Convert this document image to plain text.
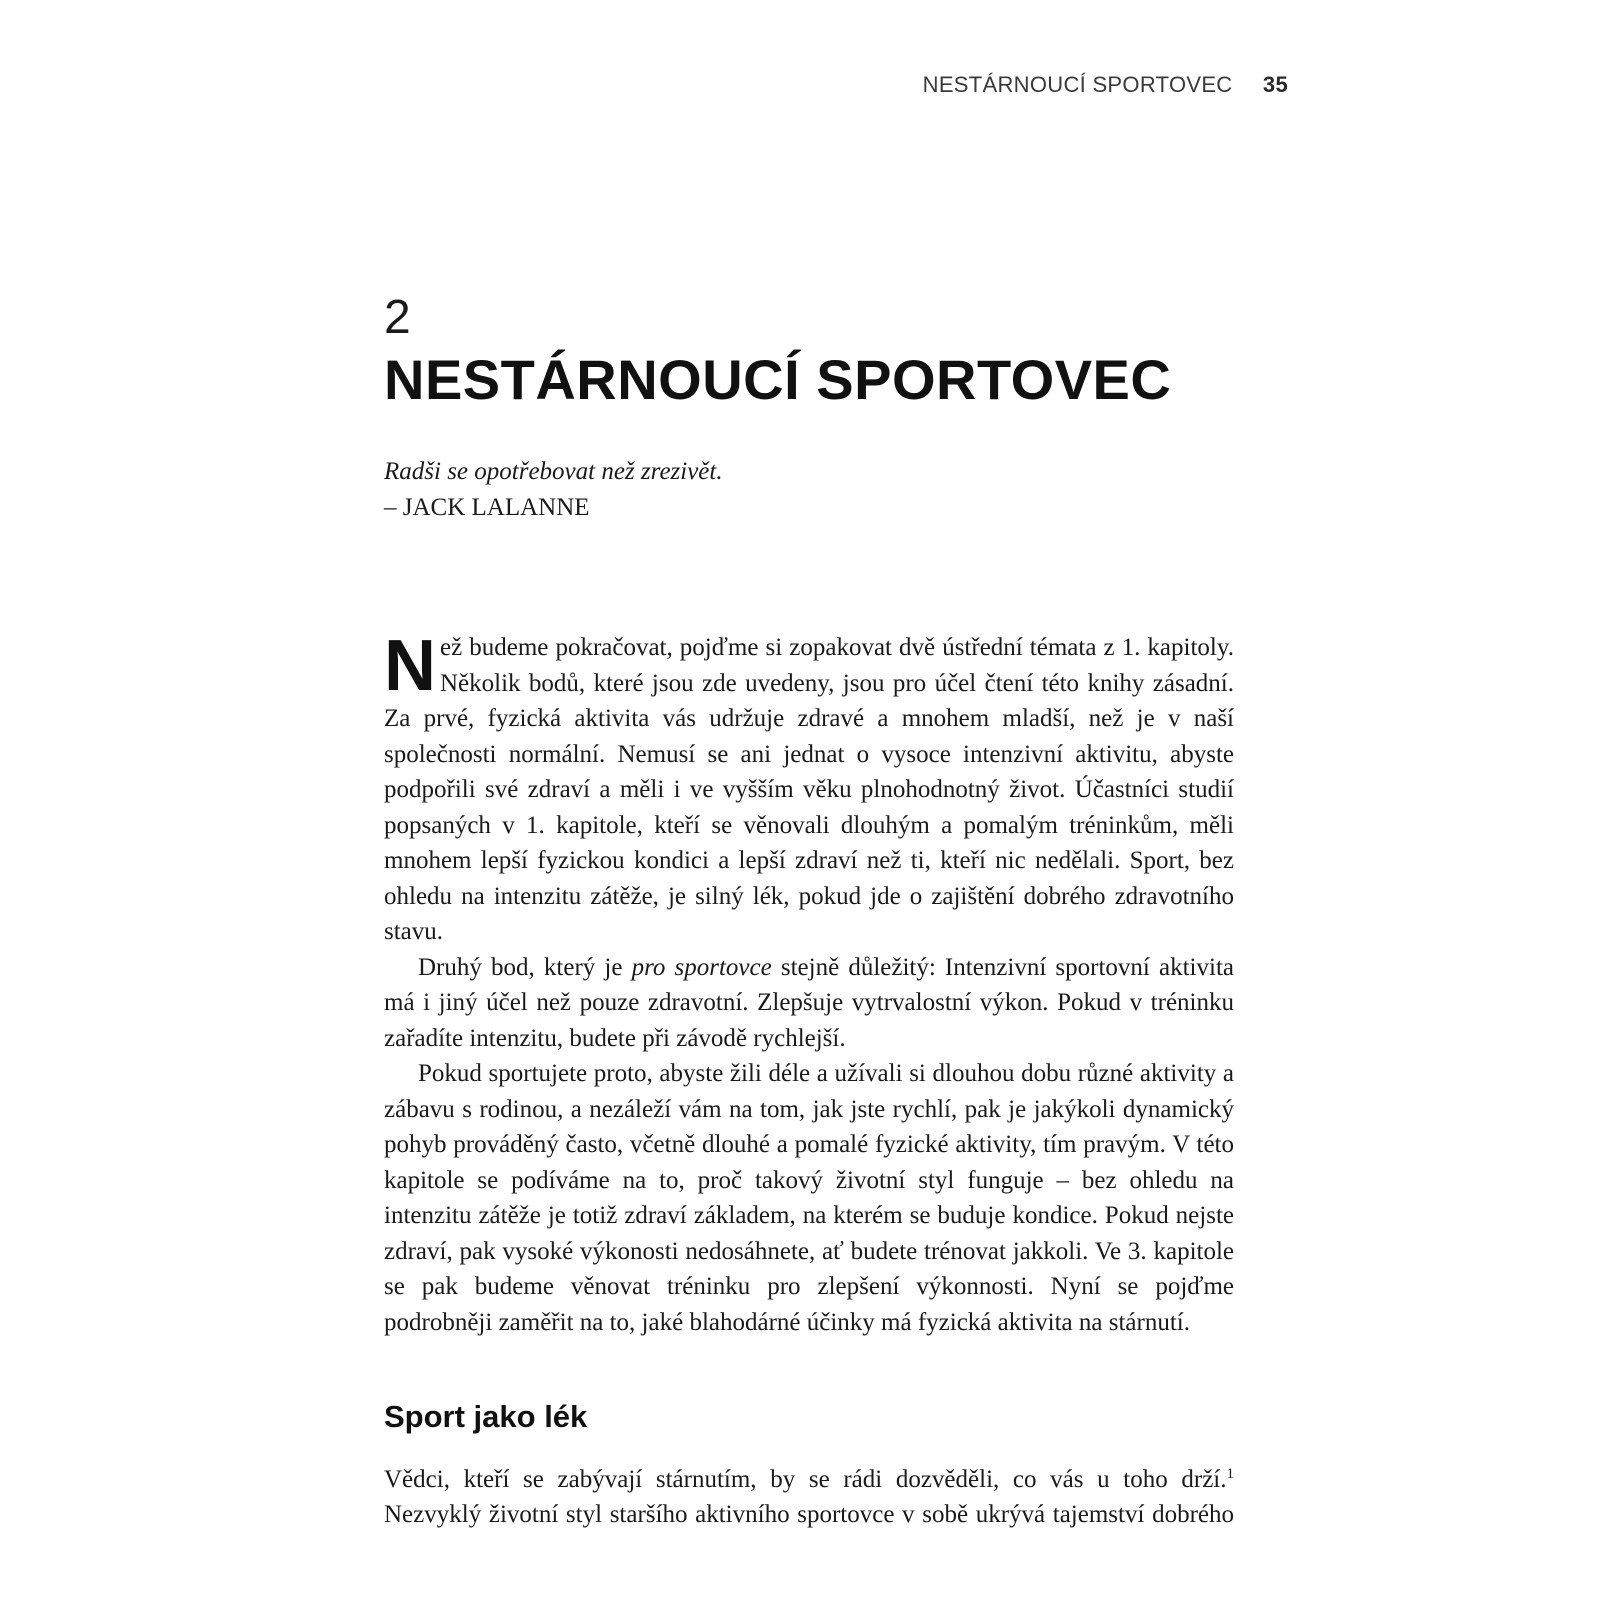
NESTÁRNOUCÍ SPORTOVEC 35
2
NESTÁRNOUCÍ SPORTOVEC
Radši se opotřebovat než zrezivět.
– JACK LALANNE

Než budeme pokračovat, pojďme si zopakovat dvě ústřední témata z 1. kapitoly. Několik bodů, které jsou zde uvedeny, jsou pro účel čtení této knihy zásadní. Za prvé, fyzická aktivita vás udržuje zdravé a mnohem mladší, než je v naší společnosti normální. Nemusí se ani jednat o vysoce intenzivní aktivitu, abyste podpořili své zdraví a měli i ve vyšším věku plnohodnotný život. Účastníci studií popsaných v 1. kapitole, kteří se věnovali dlouhým a pomalým tréninkům, měli mnohem lepší fyzickou kondici a lepší zdraví než ti, kteří nic nedělali. Sport, bez ohledu na intenzitu zátěže, je silný lék, pokud jde o zajištění dobrého zdravotního stavu.

Druhý bod, který je pro sportovce stejně důležitý: Intenzivní sportovní aktivita má i jiný účel než pouze zdravotní. Zlepšuje vytrvalostní výkon. Pokud v tréninku zařadíte intenzitu, budete při závodě rychlejší.

Pokud sportujete proto, abyste žili déle a užívali si dlouhou dobu různé aktivity a zábavu s rodinou, a nezáleží vám na tom, jak jste rychlí, pak je jakýkoli dynamický pohyb prováděný často, včetně dlouhé a pomalé fyzické aktivity, tím pravým. V této kapitole se podíváme na to, proč takový životní styl funguje – bez ohledu na intenzitu zátěže je totiž zdraví základem, na kterém se buduje kondice. Pokud nejste zdraví, pak vysoké výkonosti nedosáhnete, ať budete trénovat jakkoli. Ve 3. kapitole se pak budeme věnovat tréninku pro zlepšení výkonnosti. Nyní se pojďme podrobněji zaměřit na to, jaké blahodárné účinky má fyzická aktivita na stárnutí.

Sport jako lék
Vědci, kteří se zabývají stárnutím, by se rádi dozvěděli, co vás u toho drží.$^1$ Nezvyklý životní styl staršího aktivního sportovce v sobě ukrývá tajemství dobrého
